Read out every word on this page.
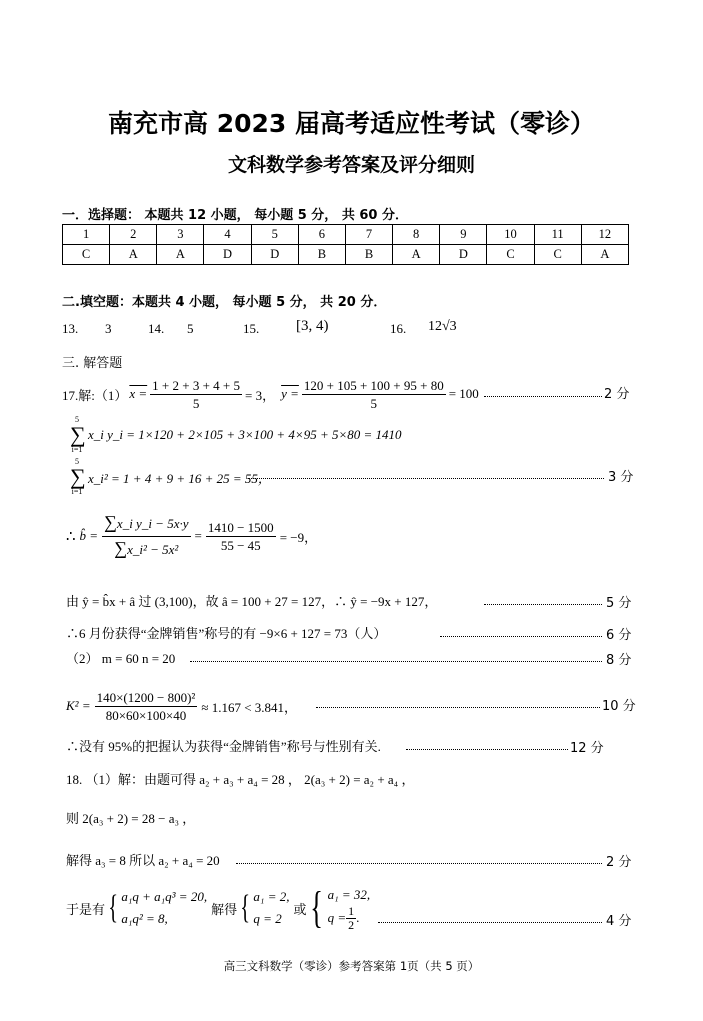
南充市高 2023 届高考适应性考试（零诊）
文科数学参考答案及评分细则
一．选择题： 本题共 12 小题， 每小题 5 分， 共 60 分．
1	2	3	4	5	6	7	8	9	10	11	12
C	A	A	D	D	B	B	A	D	C	C	A
二.填空题：本题共 4 小题， 每小题 5 分， 共 20 分．
13. 3	14. 5	15. [3, 4)	16. 12√3
三. 解答题
17.解:（1） $x = \frac{1 + 2 + 3 + 4 + 5}{5} = 3$， $y = \frac{120 + 105 + 100 + 95 + 80}{5} = 100$	2 分
5
∑
i=1
x_i y_i = 1×120 + 2×105 + 3×100 + 4×95 + 5×80 = 1410
5
∑
i=1
x_i² = 1 + 4 + 9 + 16 + 25 = 55，	3 分
∴ b̂ = $\frac{\text{∑x\_i y\_i − 5x·y}}{\text{∑x\_i² − 5x²}} = \frac{1410 - 1500}{55 - 45} = -9$，
由 ŷ = b̂x + â 过 (3,100)，故 â = 100 + 27 = 127，∴ ŷ = −9x + 127，	5 分
∴6 月份获得“金牌销售”称号的有 −9×6 + 127 = 73（人）	6 分
（2） m = 60 n = 20	8 分
$K^2 = \frac{\text{140×(1200 − 800)²}}{80\times 60\times 100\times 40} \approx 1.167 < 3.841$，	10 分
∴没有 95%的把握认为获得“金牌销售”称号与性别有关.	12 分
18. （1）解：由题可得 a₂ + a₃ + a₄ = 28 ， 2(a₃ + 2) = a₂ + a₄ ，
则 2(a₃ + 2) = 28 − a₃ ，
解得 a₃ = 8 所以 a₂ + a₄ = 20	2 分
于是有 { a₁q + a₁q³ = 20,
a₁q² = 8,
解得 { a₁ = 2,
q = 2
或 { a₁ = 32,
$q = \frac{1}{2}$ .	4 分
高三文科数学（零诊）参考答案第 1页（共 5 页）
